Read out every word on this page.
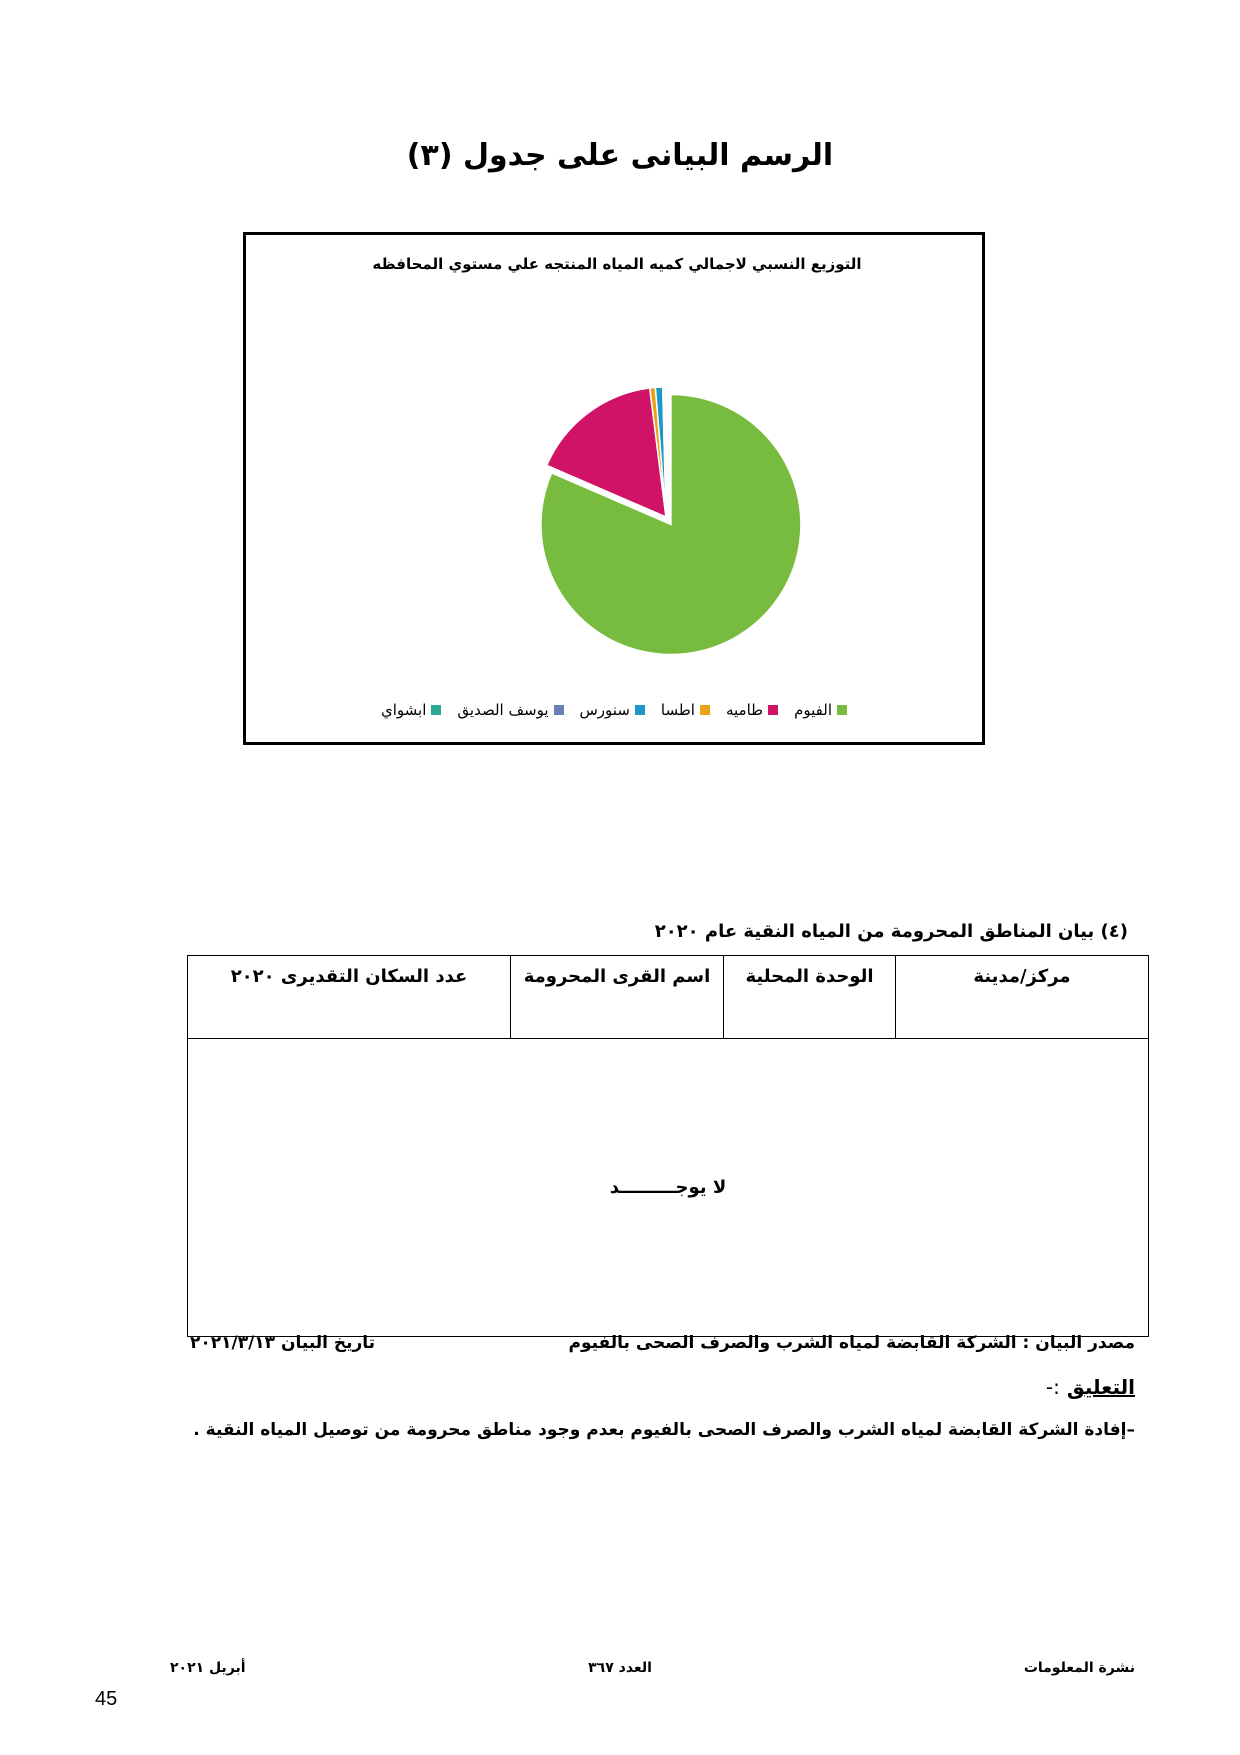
الرسم البيانى على جدول (٣)
التوزيع النسبي لاجمالي كميه المياه المنتجه علي مستوي المحافظه
الفيوم
طاميه
اطسا
سنورس
يوسف الصديق
ابشواي
(٤) بيان المناطق المحرومة من المياه النقية عام ٢٠٢٠
مركز/مدينة	الوحدة المحلية	اسم القرى المحرومة	عدد السكان التقديرى ٢٠٢٠
لا يوجـــــــــد
مصدر البيان : الشركة القابضة لمياه الشرب والصرف الصحى بالفيوم
تاريخ البيان ٢٠٢١/٣/١٣
التعليق :-
–إفادة الشركة القابضة لمياه الشرب والصرف الصحى بالفيوم بعدم وجود مناطق محرومة من توصيل المياه النقية .
نشرة المعلومات
العدد ٣٦٧
أبريل ٢٠٢١
45
